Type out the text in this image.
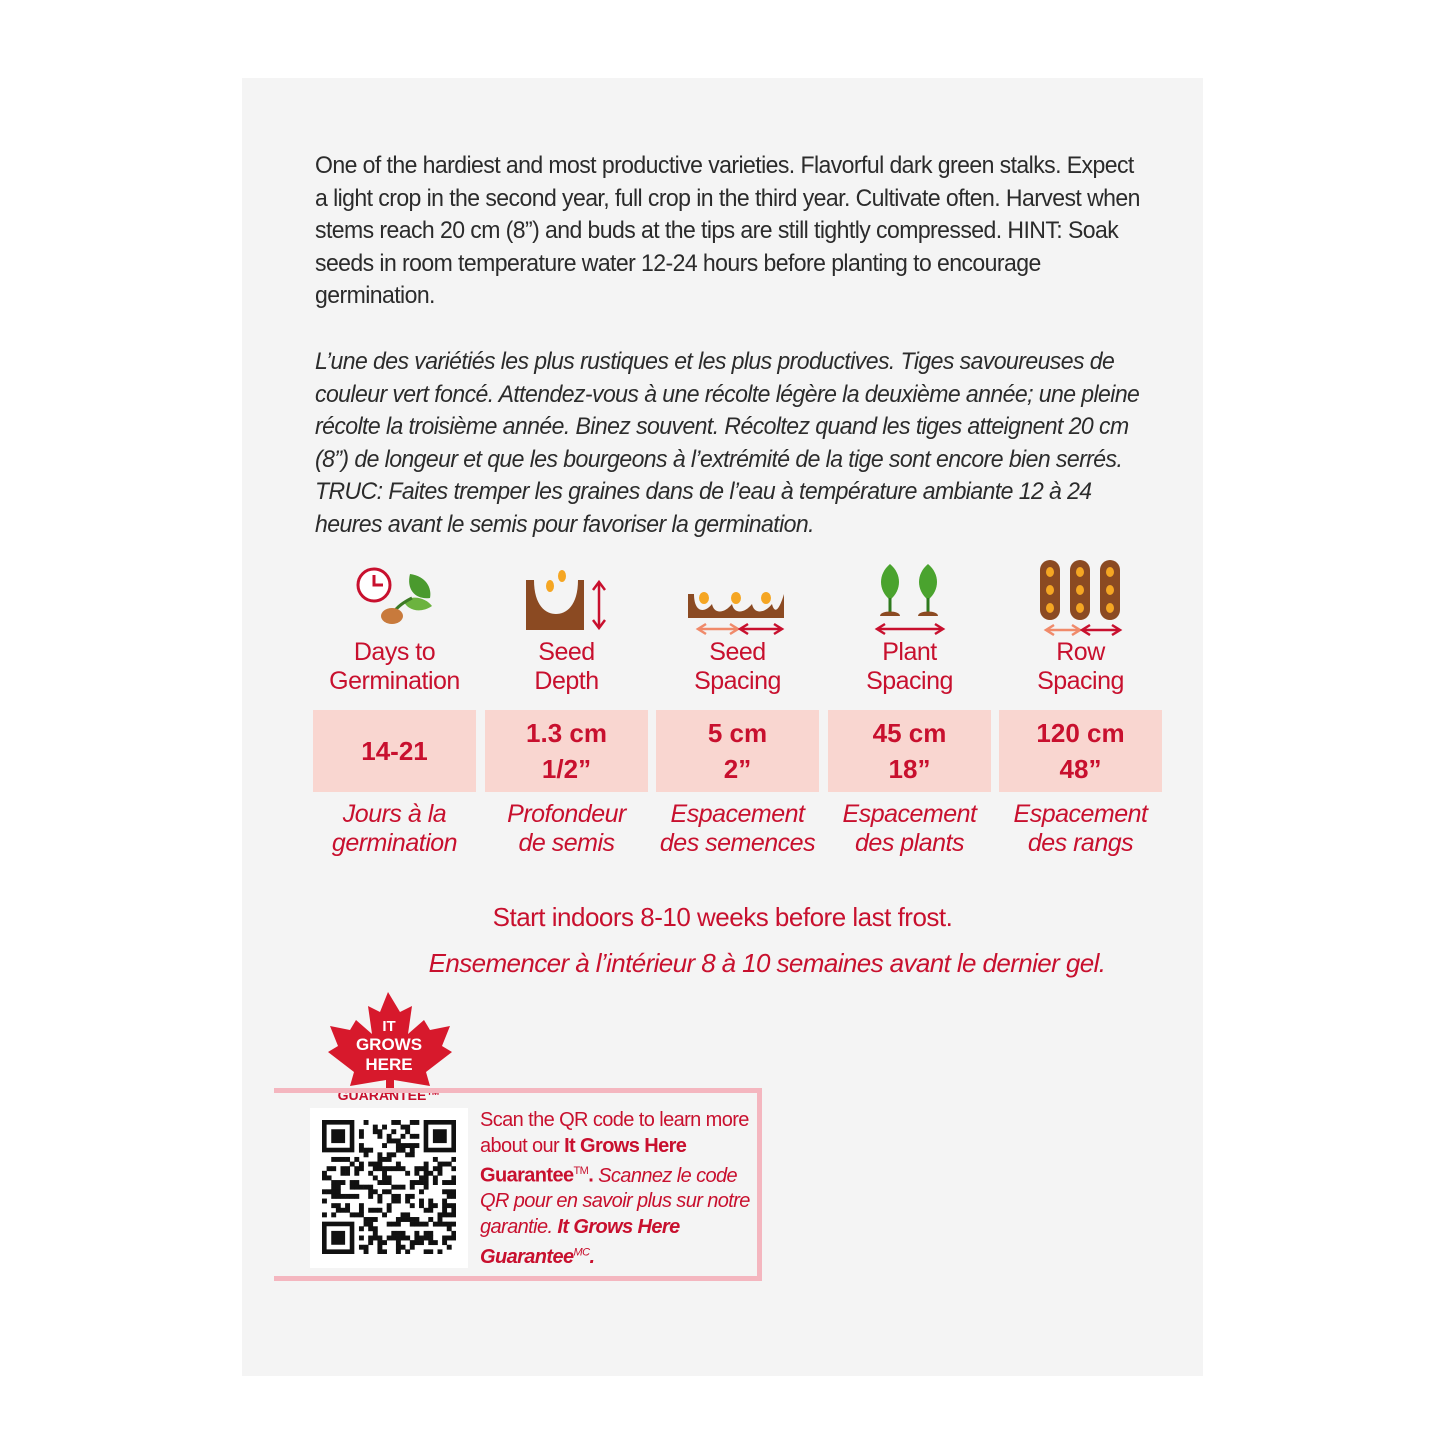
One of the hardiest and most productive varieties. Flavorful dark green stalks. Expect a light crop in the second year, full crop in the third year. Cultivate often. Harvest when stems reach 20 cm (8”) and buds at the tips are still tightly compressed. HINT: Soak seeds in room temperature water 12-24 hours before planting to encourage germination.

L’une des variétiés les plus rustiques et les plus productives. Tiges savoureuses de couleur vert foncé. Attendez-vous à une récolte légère la deuxième année; une pleine récolte la troisième année. Binez souvent. Récoltez quand les tiges atteignent 20 cm (8”) de longeur et que les bourgeons à l’extrémité de la tige sont encore bien serrés. TRUC: Faites tremper les graines dans de l’eau à température ambiante 12 à 24 heures avant le semis pour favoriser la germination.

Days to
Germination
14-21
Jours à la
germination
Seed
Depth
1.3 cm
1/2”
Profondeur
de semis
Seed
Spacing
5 cm
2”
Espacement
des semences
Plant
Spacing
45 cm
18”
Espacement
des plants
Row
Spacing
120 cm
48”
Espacement
des rangs
Start indoors 8-10 weeks before last frost.
Ensemencer à l’intérieur 8 à 10 semaines avant le dernier gel.
IT
GROWS
HERE
GUARANTEE™
Scan the QR code to learn more about our It Grows Here Guarantee™. Scannez le code QR pour en savoir plus sur notre garantie. It Grows Here Guarantee$^{MC}$.
